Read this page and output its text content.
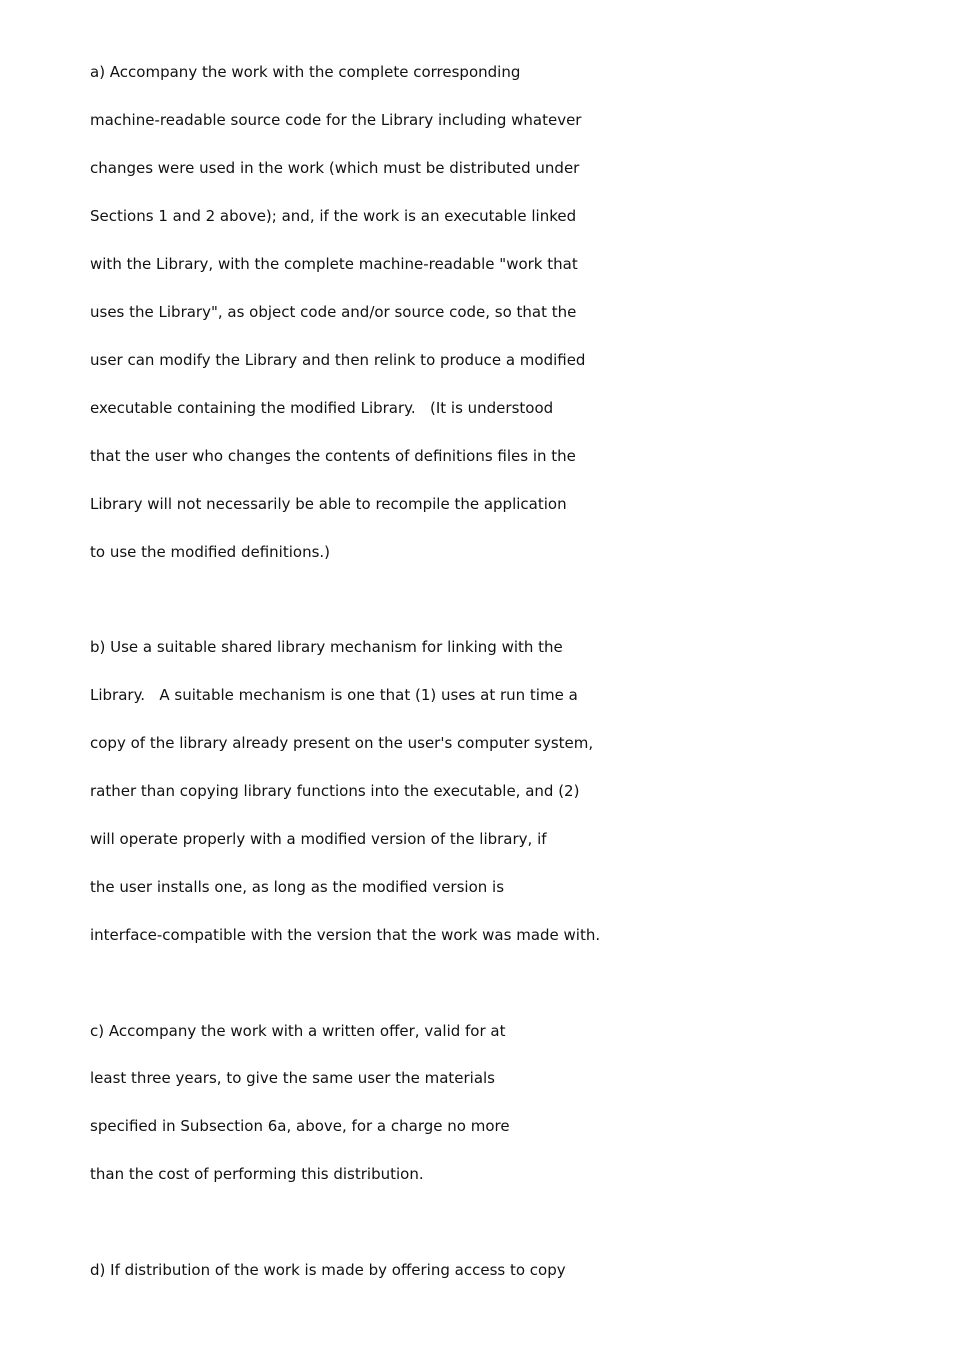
a) Accompany the work with the complete corresponding
machine-readable source code for the Library including whatever
changes were used in the work (which must be distributed under
Sections 1 and 2 above); and, if the work is an executable linked
with the Library, with the complete machine-readable "work that
uses the Library", as object code and/or source code, so that the
user can modify the Library and then relink to produce a modified
executable containing the modified Library.   (It is understood
that the user who changes the contents of definitions files in the
Library will not necessarily be able to recompile the application
to use the modified definitions.)
b) Use a suitable shared library mechanism for linking with the
Library.   A suitable mechanism is one that (1) uses at run time a
copy of the library already present on the user's computer system,
rather than copying library functions into the executable, and (2)
will operate properly with a modified version of the library, if
the user installs one, as long as the modified version is
interface-compatible with the version that the work was made with.
c) Accompany the work with a written offer, valid for at
least three years, to give the same user the materials
specified in Subsection 6a, above, for a charge no more
than the cost of performing this distribution.
d) If distribution of the work is made by offering access to copy
